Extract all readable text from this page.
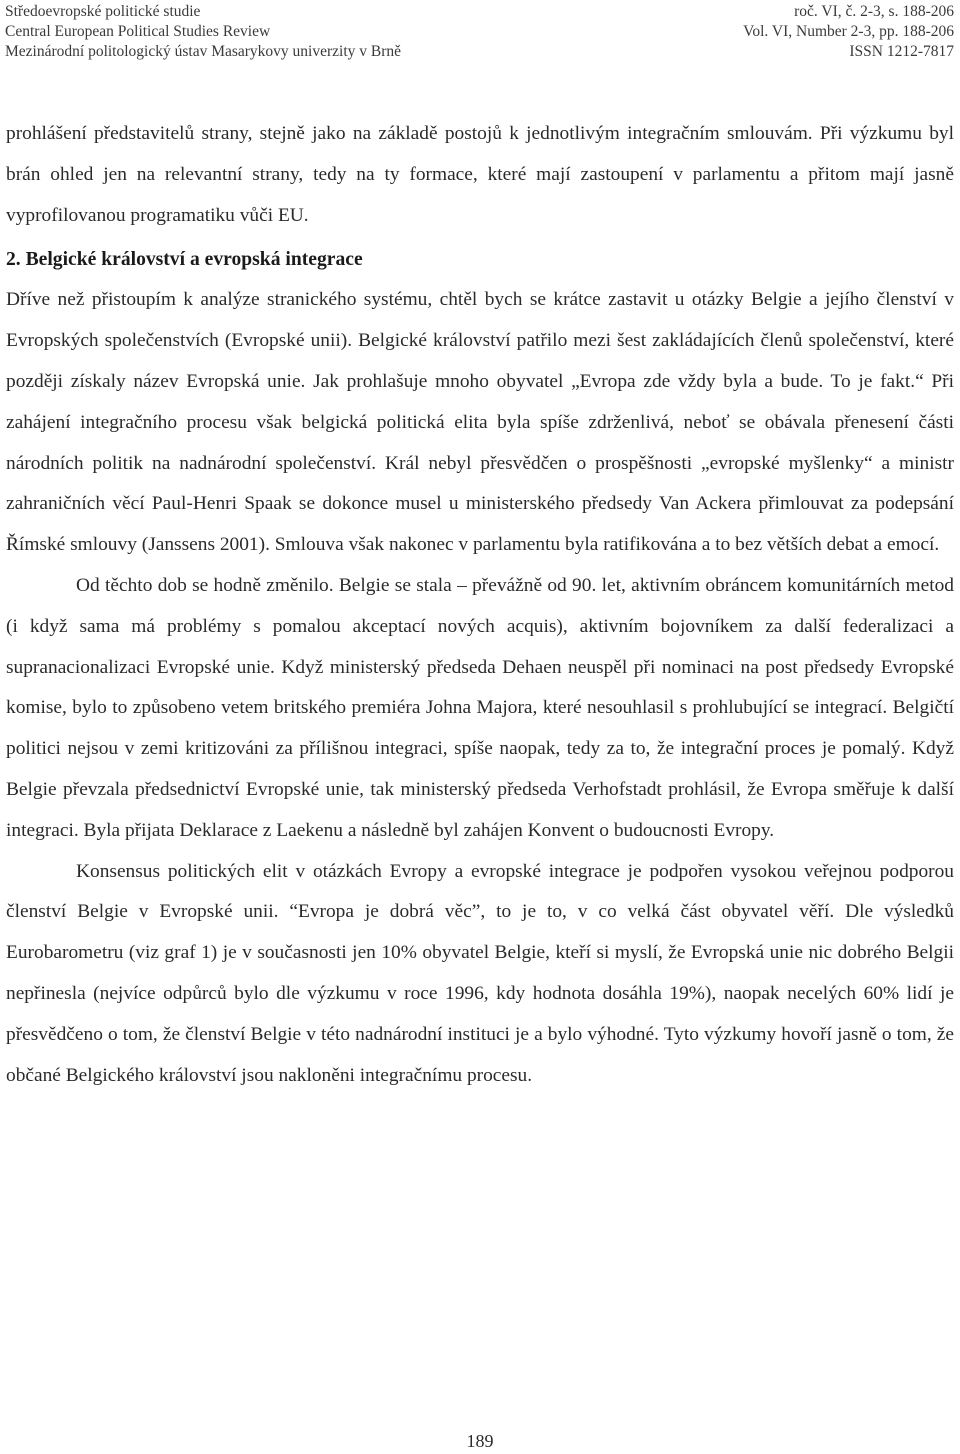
Středoevropské politické studie	roč. VI, č. 2-3, s. 188-206
Central European Political Studies Review	Vol. VI, Number 2-3, pp. 188-206
Mezinárodní politologický ústav Masarykovy univerzity v Brně	ISSN 1212-7817

prohlášení představitelů strany, stejně jako na základě postojů k jednotlivým integračním smlouvám. Při výzkumu byl brán ohled jen na relevantní strany, tedy na ty formace, které mají zastoupení v parlamentu a přitom mají jasně vyprofilovanou programatiku vůči EU.

2. Belgické království a evropská integrace

Dříve než přistoupím k analýze stranického systému, chtěl bych se krátce zastavit u otázky Belgie a jejího členství v Evropských společenstvích (Evropské unii). Belgické království patřilo mezi šest zakládajících členů společenství, které později získaly název Evropská unie. Jak prohlašuje mnoho obyvatel „Evropa zde vždy byla a bude. To je fakt.“ Při zahájení integračního procesu však belgická politická elita byla spíše zdrženlivá, neboť se obávala přenesení části národních politik na nadnárodní společenství. Král nebyl přesvědčen o prospěšnosti „evropské myšlenky“ a ministr zahraničních věcí Paul-Henri Spaak se dokonce musel u ministerského předsedy Van Ackera přimlouvat za podepsání Římské smlouvy (Janssens 2001). Smlouva však nakonec v parlamentu byla ratifikována a to bez větších debat a emocí.

Od těchto dob se hodně změnilo. Belgie se stala – převážně od 90. let, aktivním obráncem komunitárních metod (i když sama má problémy s pomalou akceptací nových acquis), aktivním bojovníkem za další federalizaci a supranacionalizaci Evropské unie. Když ministerský předseda Dehaen neuspěl při nominaci na post předsedy Evropské komise, bylo to způsobeno vetem britského premiéra Johna Majora, které nesouhlasil s prohlubující se integrací. Belgičtí politici nejsou v zemi kritizováni za přílišnou integraci, spíše naopak, tedy za to, že integrační proces je pomalý. Když Belgie převzala předsednictví Evropské unie, tak ministerský předseda Verhofstadt prohlásil, že Evropa směřuje k další integraci. Byla přijata Deklarace z Laekenu a následně byl zahájen Konvent o budoucnosti Evropy.

Konsensus politických elit v otázkách Evropy a evropské integrace je podpořen vysokou veřejnou podporou členství Belgie v Evropské unii. “Evropa je dobrá věc”, to je to, v co velká část obyvatel věří. Dle výsledků Eurobarometru (viz graf 1) je v současnosti jen 10% obyvatel Belgie, kteří si myslí, že Evropská unie nic dobrého Belgii nepřinesla (nejvíce odpůrců bylo dle výzkumu v roce 1996, kdy hodnota dosáhla 19%), naopak necelých 60% lidí je přesvědčeno o tom, že členství Belgie v této nadnárodní instituci je a bylo výhodné. Tyto výzkumy hovoří jasně o tom, že občané Belgického království jsou nakloněni integračnímu procesu.

189
